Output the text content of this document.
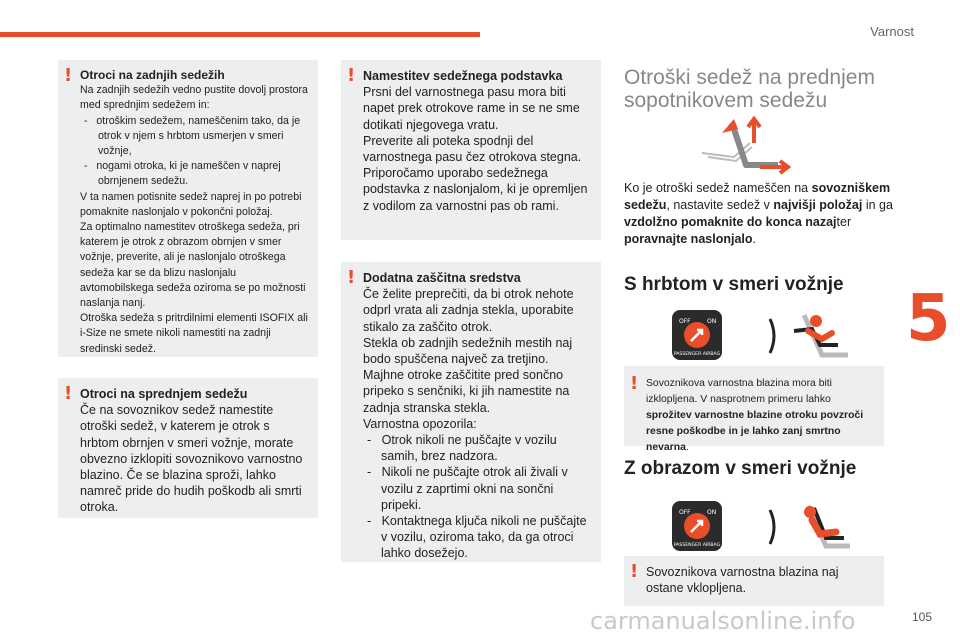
Varnost
5
! Otroci na zadnjih sedežih

Na zadnjih sedežih vedno pustite dovolj prostora med sprednjim sedežem in:

-   otroškim sedežem, nameščenim tako, da je otrok v njem s hrbtom usmerjen v smeri vožnje,
-   nogami otroka, ki je nameščen v naprej obrnjenem sedežu.

V ta namen potisnite sedež naprej in po potrebi pomaknite naslonjalo v pokončni položaj.

Za optimalno namestitev otroškega sedeža, pri katerem je otrok z obrazom obrnjen v smer vožnje, preverite, ali je naslonjalo otroškega sedeža kar se da blizu naslonjalu avtomobilskega sedeža oziroma se po možnosti naslanja nanj.

Otroška sedeža s pritrdilnimi elementi ISOFIX ali i-Size ne smete nikoli namestiti na zadnji sredinski sedež.

! Otroci na sprednjem sedežu

Če na sovoznikov sedež namestite otroški sedež, v katerem je otrok s hrbtom obrnjen v smeri vožnje, morate obvezno izklopiti sovoznikovo varnostno blazino. Če se blazina sproži, lahko namreč pride do hudih poškodb ali smrti otroka.

! Namestitev sedežnega podstavka

Prsni del varnostnega pasu mora biti napet prek otrokove rame in se ne sme dotikati njegovega vratu.

Preverite ali poteka spodnji del varnostnega pasu čez otrokova stegna.

Priporočamo uporabo sedežnega podstavka z naslonjalom, ki je opremljen z vodilom za varnostni pas ob rami.

! Dodatna zaščitna sredstva

Če želite preprečiti, da bi otrok nehote odprl vrata ali zadnja stekla, uporabite stikalo za zaščito otrok.

Stekla ob zadnjih sedežnih mestih naj bodo spuščena največ za tretjino.

Majhne otroke zaščitite pred sončno pripeko s senčniki, ki jih namestite na zadnja stranska stekla.

Varnostna opozorila:

-   Otrok nikoli ne puščajte v vozilu samih, brez nadzora.
-   Nikoli ne puščajte otrok ali živali v vozilu z zaprtimi okni na sončni pripeki.
-   Kontaktnega ključa nikoli ne puščajte v vozilu, oziroma tako, da ga otroci lahko dosežejo.
Otroški sedež na prednjem sopotnikovem sedežu
Ko je otroški sedež nameščen na sovozniškem sedežu, nastavite sedež v najvišji položaj in ga vzdolžno pomaknite do konca nazajter poravnajte naslonjalo.
S hrbtom v smeri vožnje
OFF	ON
PASSENGER AIRBAG
! Sovoznikova varnostna blazina mora biti izklopljena. V nasprotnem primeru lahko sprožitev varnostne blazine otroku povzroči resne poškodbe in je lahko zanj smrtno nevarna.
Z obrazom v smeri vožnje
OFF	ON
PASSENGER AIRBAG
! Sovoznikova varnostna blazina naj ostane vklopljena.
carmanualsonline.info	105
